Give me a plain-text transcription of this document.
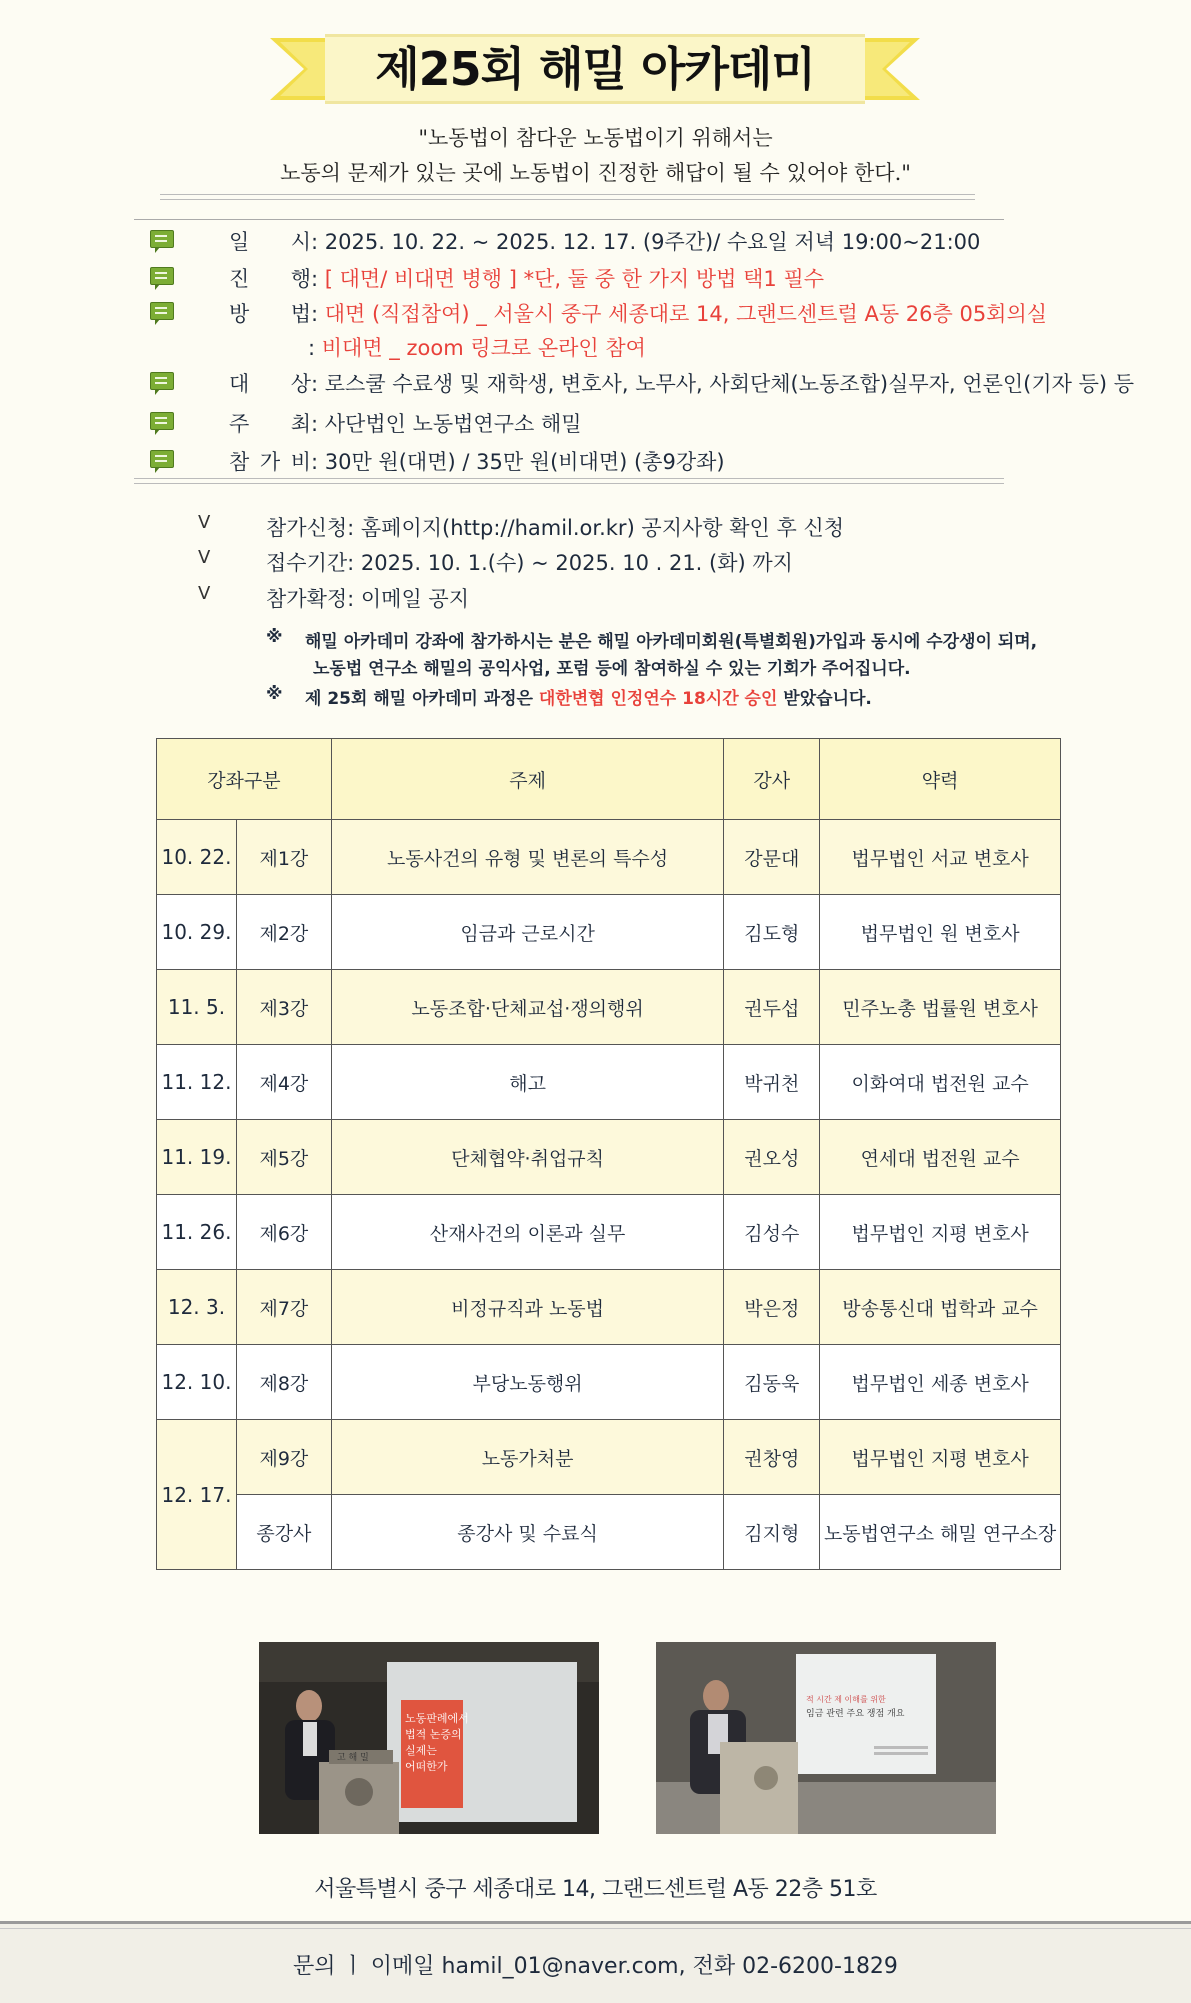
제25회 해밀 아카데미
"노동법이 참다운 노동법이기 위해서는
노동의 문제가 있는 곳에 노동법이 진정한 해답이 될 수 있어야 한다."
일 시 : 2025. 10. 22. ~ 2025. 12. 17. (9주간)/ 수요일 저녁 19:00~21:00
진 행 : [ 대면/ 비대면 병행 ] *단, 둘 중 한 가지 방법 택1 필수
방 법 : 대면 (직접참여) _ 서울시 중구 세종대로 14, 그랜드센트럴 A동 26층 05회의실
: 비대면 _ zoom 링크로 온라인 참여
대 상 : 로스쿨 수료생 및 재학생, 변호사, 노무사, 사회단체(노동조합)실무자, 언론인(기자 등) 등
주 최 : 사단법인 노동법연구소 해밀
참 가 비 : 30만 원(대면) / 35만 원(비대면) (총9강좌)
V	참가신청: 홈페이지(http://hamil.or.kr) 공지사항 확인 후 신청
V	접수기간: 2025. 10. 1.(수) ~ 2025. 10 . 21. (화) 까지
V	참가확정: 이메일 공지
※ 해밀 아카데미 강좌에 참가하시는 분은 해밀 아카데미회원(특별회원)가입과 동시에 수강생이 되며,
노동법 연구소 해밀의 공익사업, 포럼 등에 참여하실 수 있는 기회가 주어집니다.
※ 제 25회 해밀 아카데미 과정은 대한변협 인정연수 18시간 승인 받았습니다.
강좌구분		주제	강사	약력
10. 22.	제1강	노동사건의 유형 및 변론의 특수성	강문대	법무법인 서교 변호사
10. 29.	제2강	임금과 근로시간	김도형	법무법인 원 변호사
11. 5.	제3강	노동조합·단체교섭·쟁의행위	권두섭	민주노총 법률원 변호사
11. 12.	제4강	해고	박귀천	이화여대 법전원 교수
11. 19.	제5강	단체협약·취업규칙	권오성	연세대 법전원 교수
11. 26.	제6강	산재사건의 이론과 실무	김성수	법무법인 지평 변호사
12. 3.	제7강	비정규직과 노동법	박은정	방송통신대 법학과 교수
12. 10.	제8강	부당노동행위	김동욱	법무법인 세종 변호사
12. 17.	제9강	노동가처분	권창영	법무법인 지평 변호사
	종강사	종강사 및 수료식	김지형	노동법연구소 해밀 연구소장
노동판례에서
법적 논증의
실제는
어떠한가
고 해 밀
적 시간 제 이해를 위한
임금 관련 주요 쟁점 개요
서울특별시 중구 세종대로 14, 그랜드센트럴 A동 22층 51호
문의 ㅣ 이메일 hamil_01@naver.com, 전화 02-6200-1829
